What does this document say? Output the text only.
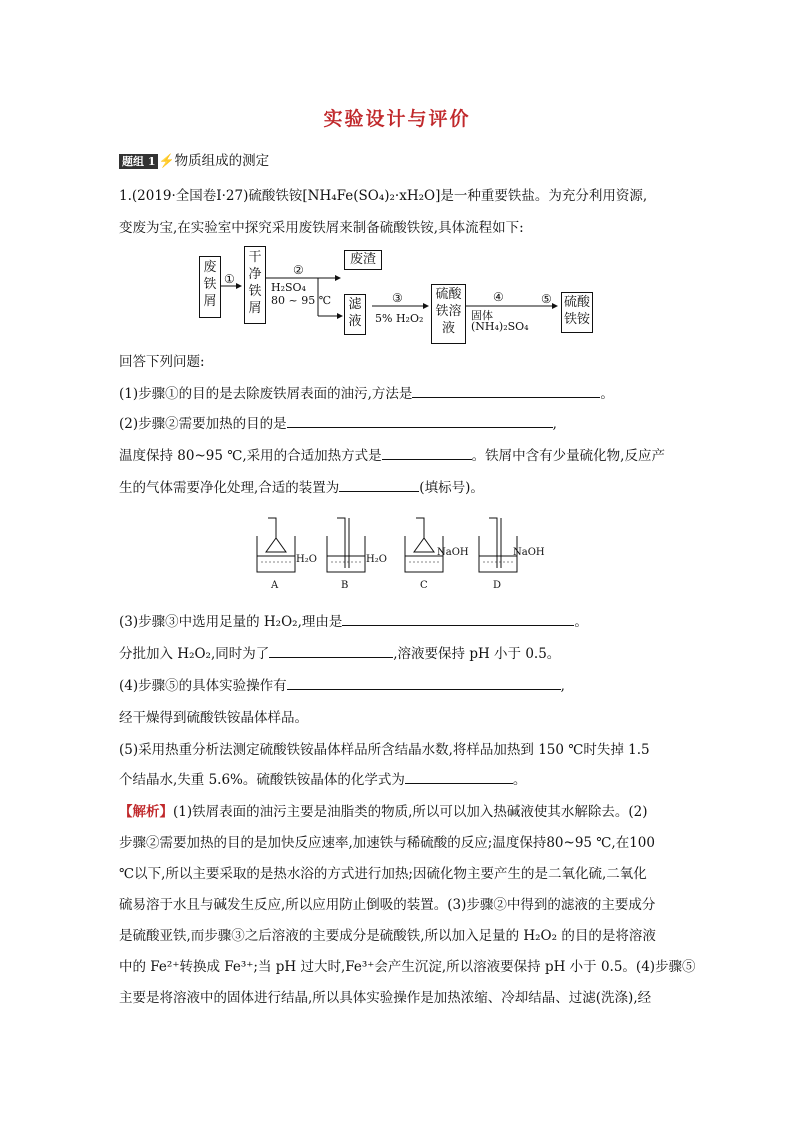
实验设计与评价
题组 1 ⚡物质组成的测定
1.(2019·全国卷Ⅰ·27)硫酸铁铵[NH₄Fe(SO₄)₂·xH₂O]是一种重要铁盐。为充分利用资源,
变废为宝,在实验室中探究采用废铁屑来制备硫酸铁铵,具体流程如下:
废铁屑
干净铁屑
废渣
滤液
硫酸铁溶液
硫酸铁铵
①
②
H₂SO₄
80 ~ 95 ℃	③
5% H₂O₂
④
固体
(NH₄)₂SO₄
⑤
回答下列问题:
(1)步骤①的目的是去除废铁屑表面的油污,方法是	。
(2)步骤②需要加热的目的是	,
温度保持 80~95 ℃,采用的合适加热方式是	。铁屑中含有少量硫化物,反应产
生的气体需要净化处理,合适的装置为	(填标号)。
H₂O
A
H₂O
B
NaOH
C
NaOH
D
(3)步骤③中选用足量的 H₂O₂,理由是	。
分批加入 H₂O₂,同时为了	,溶液要保持 pH 小于 0.5。
(4)步骤⑤的具体实验操作有	,
经干燥得到硫酸铁铵晶体样品。
(5)采用热重分析法测定硫酸铁铵晶体样品所含结晶水数,将样品加热到 150 ℃时失掉 1.5
个结晶水,失重 5.6%。硫酸铁铵晶体的化学式为	。
【解析】(1)铁屑表面的油污主要是油脂类的物质,所以可以加入热碱液使其水解除去。(2)
步骤②需要加热的目的是加快反应速率,加速铁与稀硫酸的反应;温度保持80~95 ℃,在100
℃以下,所以主要采取的是热水浴的方式进行加热;因硫化物主要产生的是二氧化硫,二氧化
硫易溶于水且与碱发生反应,所以应用防止倒吸的装置。(3)步骤②中得到的滤液的主要成分
是硫酸亚铁,而步骤③之后溶液的主要成分是硫酸铁,所以加入足量的 H₂O₂ 的目的是将溶液
中的 Fe²⁺转换成 Fe³⁺;当 pH 过大时,Fe³⁺会产生沉淀,所以溶液要保持 pH 小于 0.5。(4)步骤⑤
主要是将溶液中的固体进行结晶,所以具体实验操作是加热浓缩、冷却结晶、过滤(洗涤),经
